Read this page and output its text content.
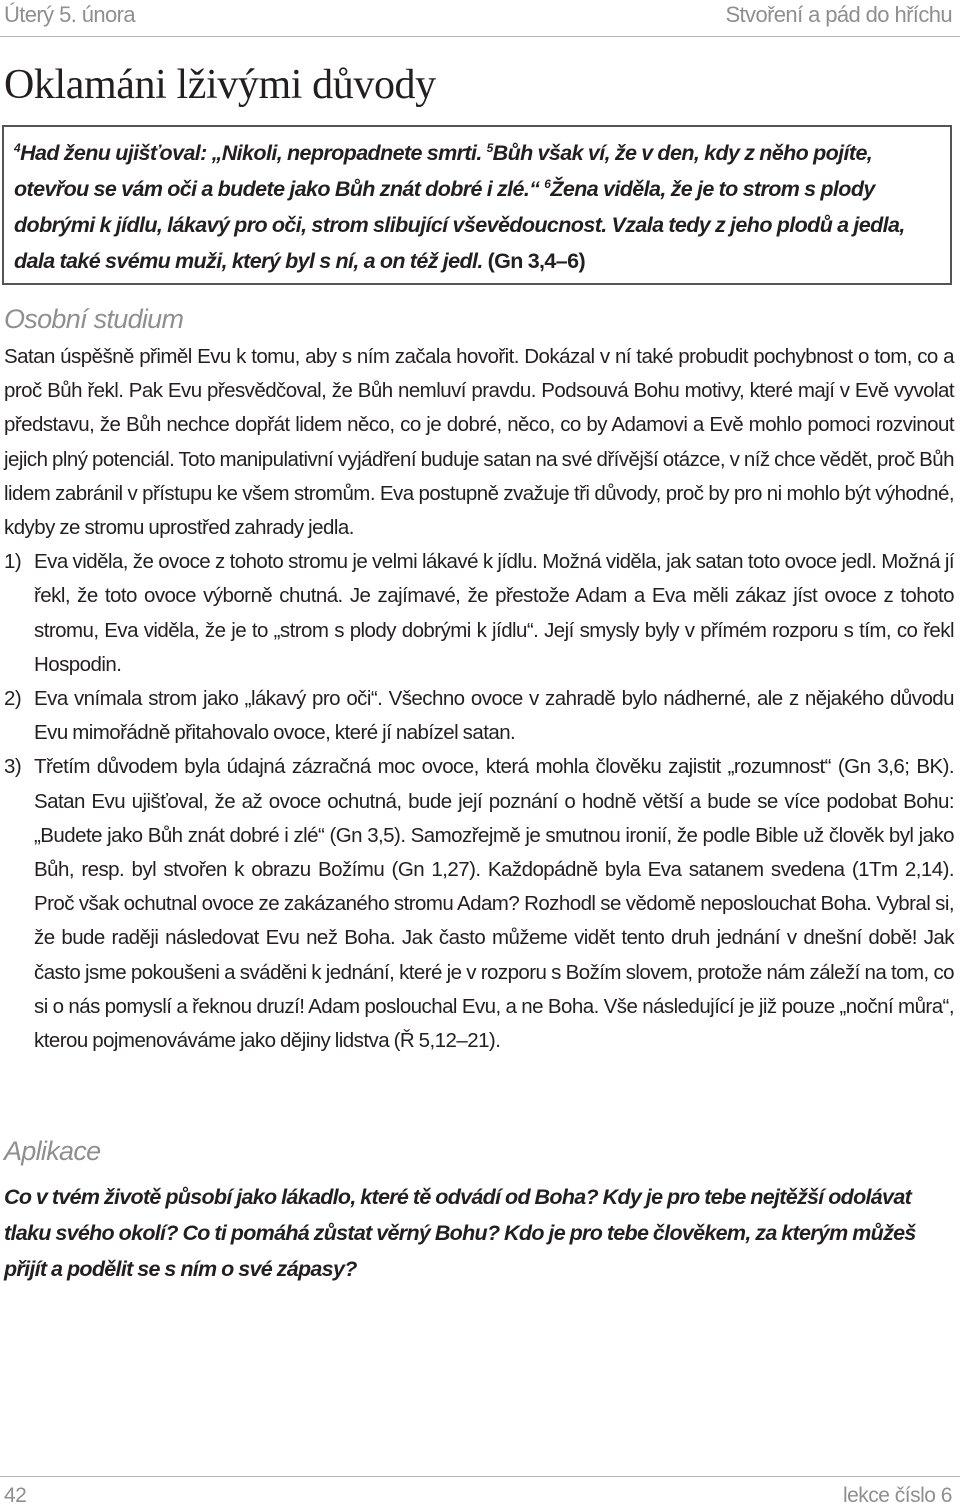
Úterý 5. února	Stvoření a pád do hříchu
Oklamáni lživými důvody

$^4$Had ženu ujišťoval: „Nikoli, nepropadnete smrti. $^5$Bůh však ví, že v den, kdy z něho pojíte, otevřou se vám oči a budete jako Bůh znát dobré i zlé.“ $^6$Žena viděla, že je to strom s plody dobrými k jídlu, lákavý pro oči, strom slibující vševědoucnost. Vzala tedy z jeho plodů a jedla, dala také svému muži, který byl s ní, a on též jedl. (Gn 3,4–6)

Osobní studium

Satan úspěšně přiměl Evu k tomu, aby s ním začala hovořit. Dokázal v ní také probudit pochybnost o tom, co a proč Bůh řekl. Pak Evu přesvědčoval, že Bůh nemluví pravdu. Podsouvá Bohu motivy, které mají v Evě vyvolat představu, že Bůh nechce dopřát lidem něco, co je dobré, něco, co by Adamovi a Evě mohlo pomoci rozvinout jejich plný potenciál. Toto manipulativní vyjádření buduje satan na své dřívější otázce, v níž chce vědět, proč Bůh lidem zabránil v přístupu ke všem stromům. Eva postupně zvažuje tři důvody, proč by pro ni mohlo být výhodné, kdyby ze stromu uprostřed zahrady jedla.

1) Eva viděla, že ovoce z tohoto stromu je velmi lákavé k jídlu. Možná viděla, jak satan toto ovoce jedl. Možná jí řekl, že toto ovoce výborně chutná. Je zajímavé, že přestože Adam a Eva měli zákaz jíst ovoce z tohoto stromu, Eva viděla, že je to „strom s plody dobrými k jídlu“. Její smysly byly v přímém rozporu s tím, co řekl Hospodin.
2) Eva vnímala strom jako „lákavý pro oči“. Všechno ovoce v zahradě bylo nádherné, ale z nějakého důvodu Evu mimořádně přitahovalo ovoce, které jí nabízel satan.
3) Třetím důvodem byla údajná zázračná moc ovoce, která mohla člověku zajistit „rozumnost“ (Gn 3,6; BK). Satan Evu ujišťoval, že až ovoce ochutná, bude její poznání o hodně větší a bude se více podobat Bohu: „Budete jako Bůh znát dobré i zlé“ (Gn 3,5). Samozřejmě je smutnou ironií, že podle Bible už člověk byl jako Bůh, resp. byl stvořen k obrazu Božímu (Gn 1,27). Každopádně byla Eva satanem svedena (1Tm 2,14). Proč však ochutnal ovoce ze zakázaného stromu Adam? Rozhodl se vědomě neposlouchat Boha. Vybral si, že bude raději následovat Evu než Boha. Jak často můžeme vidět tento druh jednání v dnešní době! Jak často jsme pokoušeni a sváděni k jednání, které je v rozporu s Božím slovem, protože nám záleží na tom, co si o nás pomyslí a řeknou druzí! Adam poslouchal Evu, a ne Boha. Vše následující je již pouze „noční můra“, kterou pojmenováváme jako dějiny lidstva (Ř 5,12–21).
Aplikace

Co v tvém životě působí jako lákadlo, které tě odvádí od Boha? Kdy je pro tebe nejtěžší odolávat tlaku svého okolí? Co ti pomáhá zůstat věrný Bohu? Kdo je pro tebe člověkem, za kterým můžeš přijít a podělit se s ním o své zápasy?

42	lekce číslo 6
